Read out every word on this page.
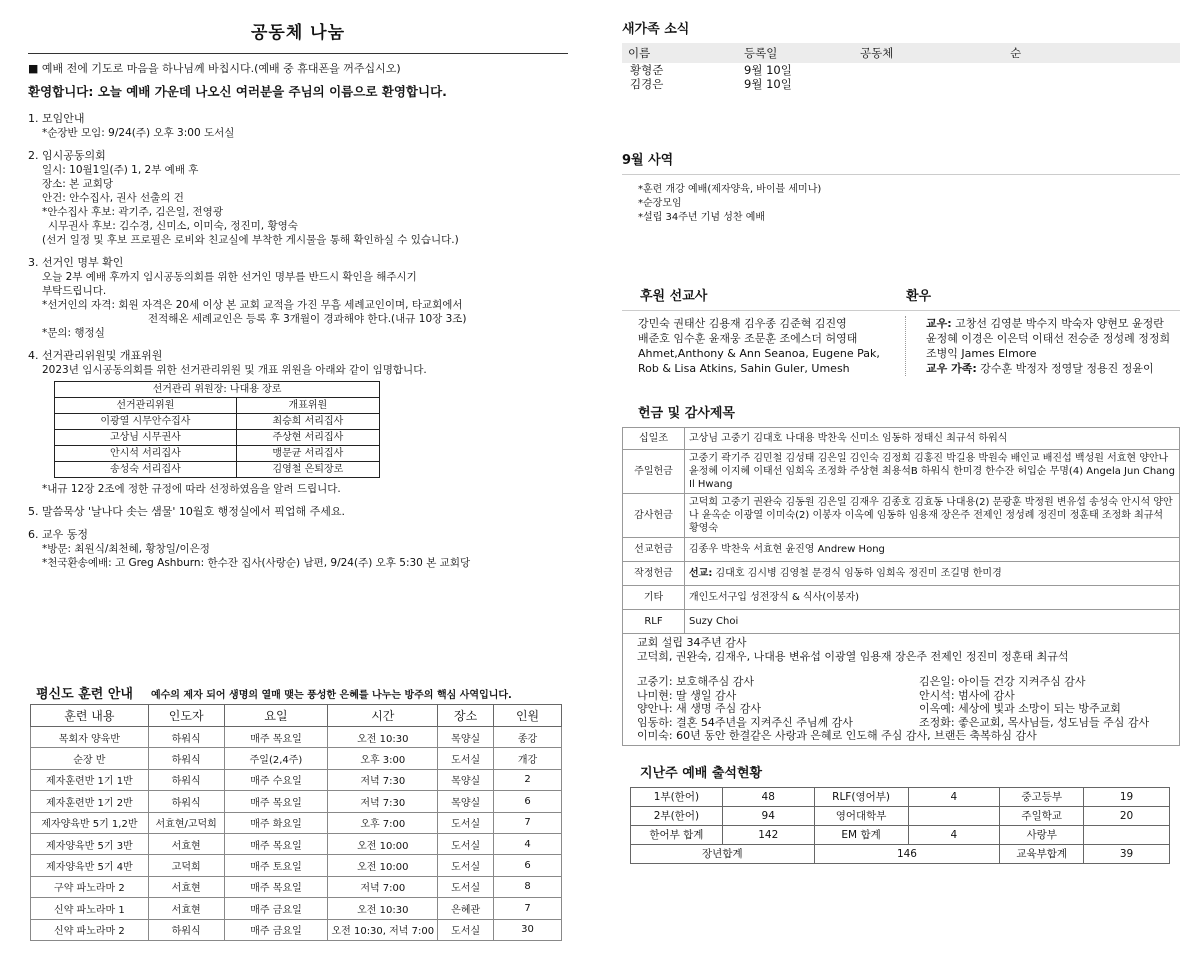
공동체 나눔
■ 예배 전에 기도로 마음을 하나님께 바칩시다.(예배 중 휴대폰을 꺼주십시오)
환영합니다: 오늘 예배 가운데 나오신 여러분을 주님의 이름으로 환영합니다.
1. 모임안내
*순장반 모임: 9/24(주) 오후 3:00 도서실
2. 임시공동의회
일시: 10월1일(주) 1, 2부 예배 후
장소: 본 교회당
안건: 안수집사, 권사 선출의 건
*안수집사 후보: 곽기주, 김은일, 전영광
시무권사 후보: 김수경, 신미소, 이미숙, 정진미, 황영숙
(선거 일정 및 후보 프로필은 로비와 친교실에 부착한 게시물을 통해 확인하실 수 있습니다.)
3. 선거인 명부 확인
오늘 2부 예배 후까지 임시공동의회를 위한 선거인 명부를 반드시 확인을 해주시기
부탁드립니다.
*선거인의 자격: 회원 자격은 20세 이상 본 교회 교적을 가진 무흠 세례교인이며, 타교회에서
전적해온 세례교인은 등록 후 3개월이 경과해야 한다.(내규 10장 3조)
*문의: 행정실
4. 선거관리위원및 개표위원
2023년 임시공동의회를 위한 선거관리위원 및 개표 위원을 아래와 같이 임명합니다.
선거관리 위원장: 나대용 장로	
선거관리위원	개표위원
이광열 시무안수집사	최승희 서리집사
고상님 시무권사	주상현 서리집사
안시석 서리집사	맹문균 서리집사
송성숙 서리집사	김영철 은퇴장로
*내규 12장 2조에 정한 규정에 따라 선정하였음을 알려 드립니다.
5. 말씀묵상 '날나다 솟는 샘물' 10월호 행정실에서 픽업해 주세요.
6. 교우 동정
*방문: 최원식/최천혜, 황창일/이은정
*천국환송예배: 고 Greg Ashburn: 한수잔 집사(사랑순) 남편, 9/24(주) 오후 5:30 본 교회당
평신도 훈련 안내 예수의 제자 되어 생명의 열매 맺는 풍성한 은혜를 나누는 방주의 핵심 사역입니다.
훈련 내용	인도자	요일	시간	장소	인원
목회자 양육반	하워식	매주 목요일	오전 10:30	목양실	종강
순장 반	하워식	주일(2,4주)	오후 3:00	도서실	개강
제자훈련반 1기 1반	하워식	매주 수요일	저녁 7:30	목양실	2
제자훈련반 1기 2반	하워식	매주 목요일	저녁 7:30	목양실	6
제자양육반 5기 1,2반	서효현/고덕희	매주 화요일	오후 7:00	도서실	7
제자양육반 5기 3반	서효현	매주 목요일	오전 10:00	도서실	4
제자양육반 5기 4반	고덕희	매주 토요일	오전 10:00	도서실	6
구약 파노라마 2	서효현	매주 목요일	저녁 7:00	도서실	8
신약 파노라마 1	서효현	매주 금요일	오전 10:30	은혜관	7
신약 파노라마 2	하워식	매주 금요일	오전 10:30, 저녁 7:00	도서실	30
새가족 소식
이름	등록일	공동체	순
황형준	9월 10일
김경은	9월 10일
9월 사역
*훈련 개강 예배(제자양육, 바이블 세미나)
*순장모임
*설립 34주년 기념 성찬 예배
후원 선교사	환우
강민숙 권태산 김용재 김우종 김준혁 김진영
배준호 임수훈 윤재웅 조문훈 조에스더 허영태
Ahmet,Anthony & Ann Seanoa, Eugene Pak,
Rob & Lisa Atkins, Sahin Guler, Umesh
교우: 고창선 김영분 박수지 박숙자 양현모 윤정란
윤정혜 이경은 이은덕 이태선 전승준 정성례 정정희
조병익 James Elmore
교우 가족: 강수훈 박정자 정영달 정용진 정윤이
헌금 및 감사제목
십일조	고상님 고중기 김대호 나대용 박찬욱 신미소 임동하 정태신 최규석 하워식
주일헌금	고중기 곽기주 김민철 김성태 김은일 김인숙 김정희 김홍진 박길용 박원숙 배인교 배진섭 백성원 서효현 양안나 윤정혜 이지혜 이태선 임희옥 조정화 주상현 최용석B 하워식 한미경 한수잔 허입순 무명(4) Angela Jun Chang Il Hwang
감사헌금	고덕희 고중기 권완숙 김동원 김은일 김재우 김종호 김효동 나대용(2) 문광훈 박정원 변유섭 송성숙 안시석 양안나 윤옥순 이광열 이미숙(2) 이봉자 이옥예 임동하 임용재 장은주 전제인 정성례 정진미 정훈태 조정화 최규석 황영숙
선교헌금	김종우 박찬욱 서효현 윤진영 Andrew Hong
작정헌금	선교: 김대호 김시병 김영철 문경식 임동하 임희옥 정진미 조길명 한미경
기타	개인도서구입 성전장식 & 식사(이봉자)
RLF	Suzy Choi
교회 설립 34주년 감사
고덕희, 권완숙, 김재우, 나대용 변유섭 이광열 임용재 장은주 전제인 정진미 정훈태 최규석
고중기: 보호해주심 감사	김은일: 아이들 건강 지켜주심 감사
나미현: 딸 생일 감사	안시석: 범사에 감사
양안나: 새 생명 주심 감사	이옥예: 세상에 빛과 소망이 되는 방주교회
임동하: 결혼 54주년을 지켜주신 주님께 감사	조정화: 좋은교회, 목사님들, 성도님들 주심 감사
이미숙: 60년 동안 한결같은 사랑과 은혜로 인도해 주심 감사, 브랜든 축복하심 감사
지난주 예배 출석현황
1부(한어)	48	RLF(영어부)	4	중고등부	19
2부(한어)	94	영어대학부		주일학교	20
한어부 합계	142	EM 합계	4	사랑부	
장년합계		146		교육부합계	39
